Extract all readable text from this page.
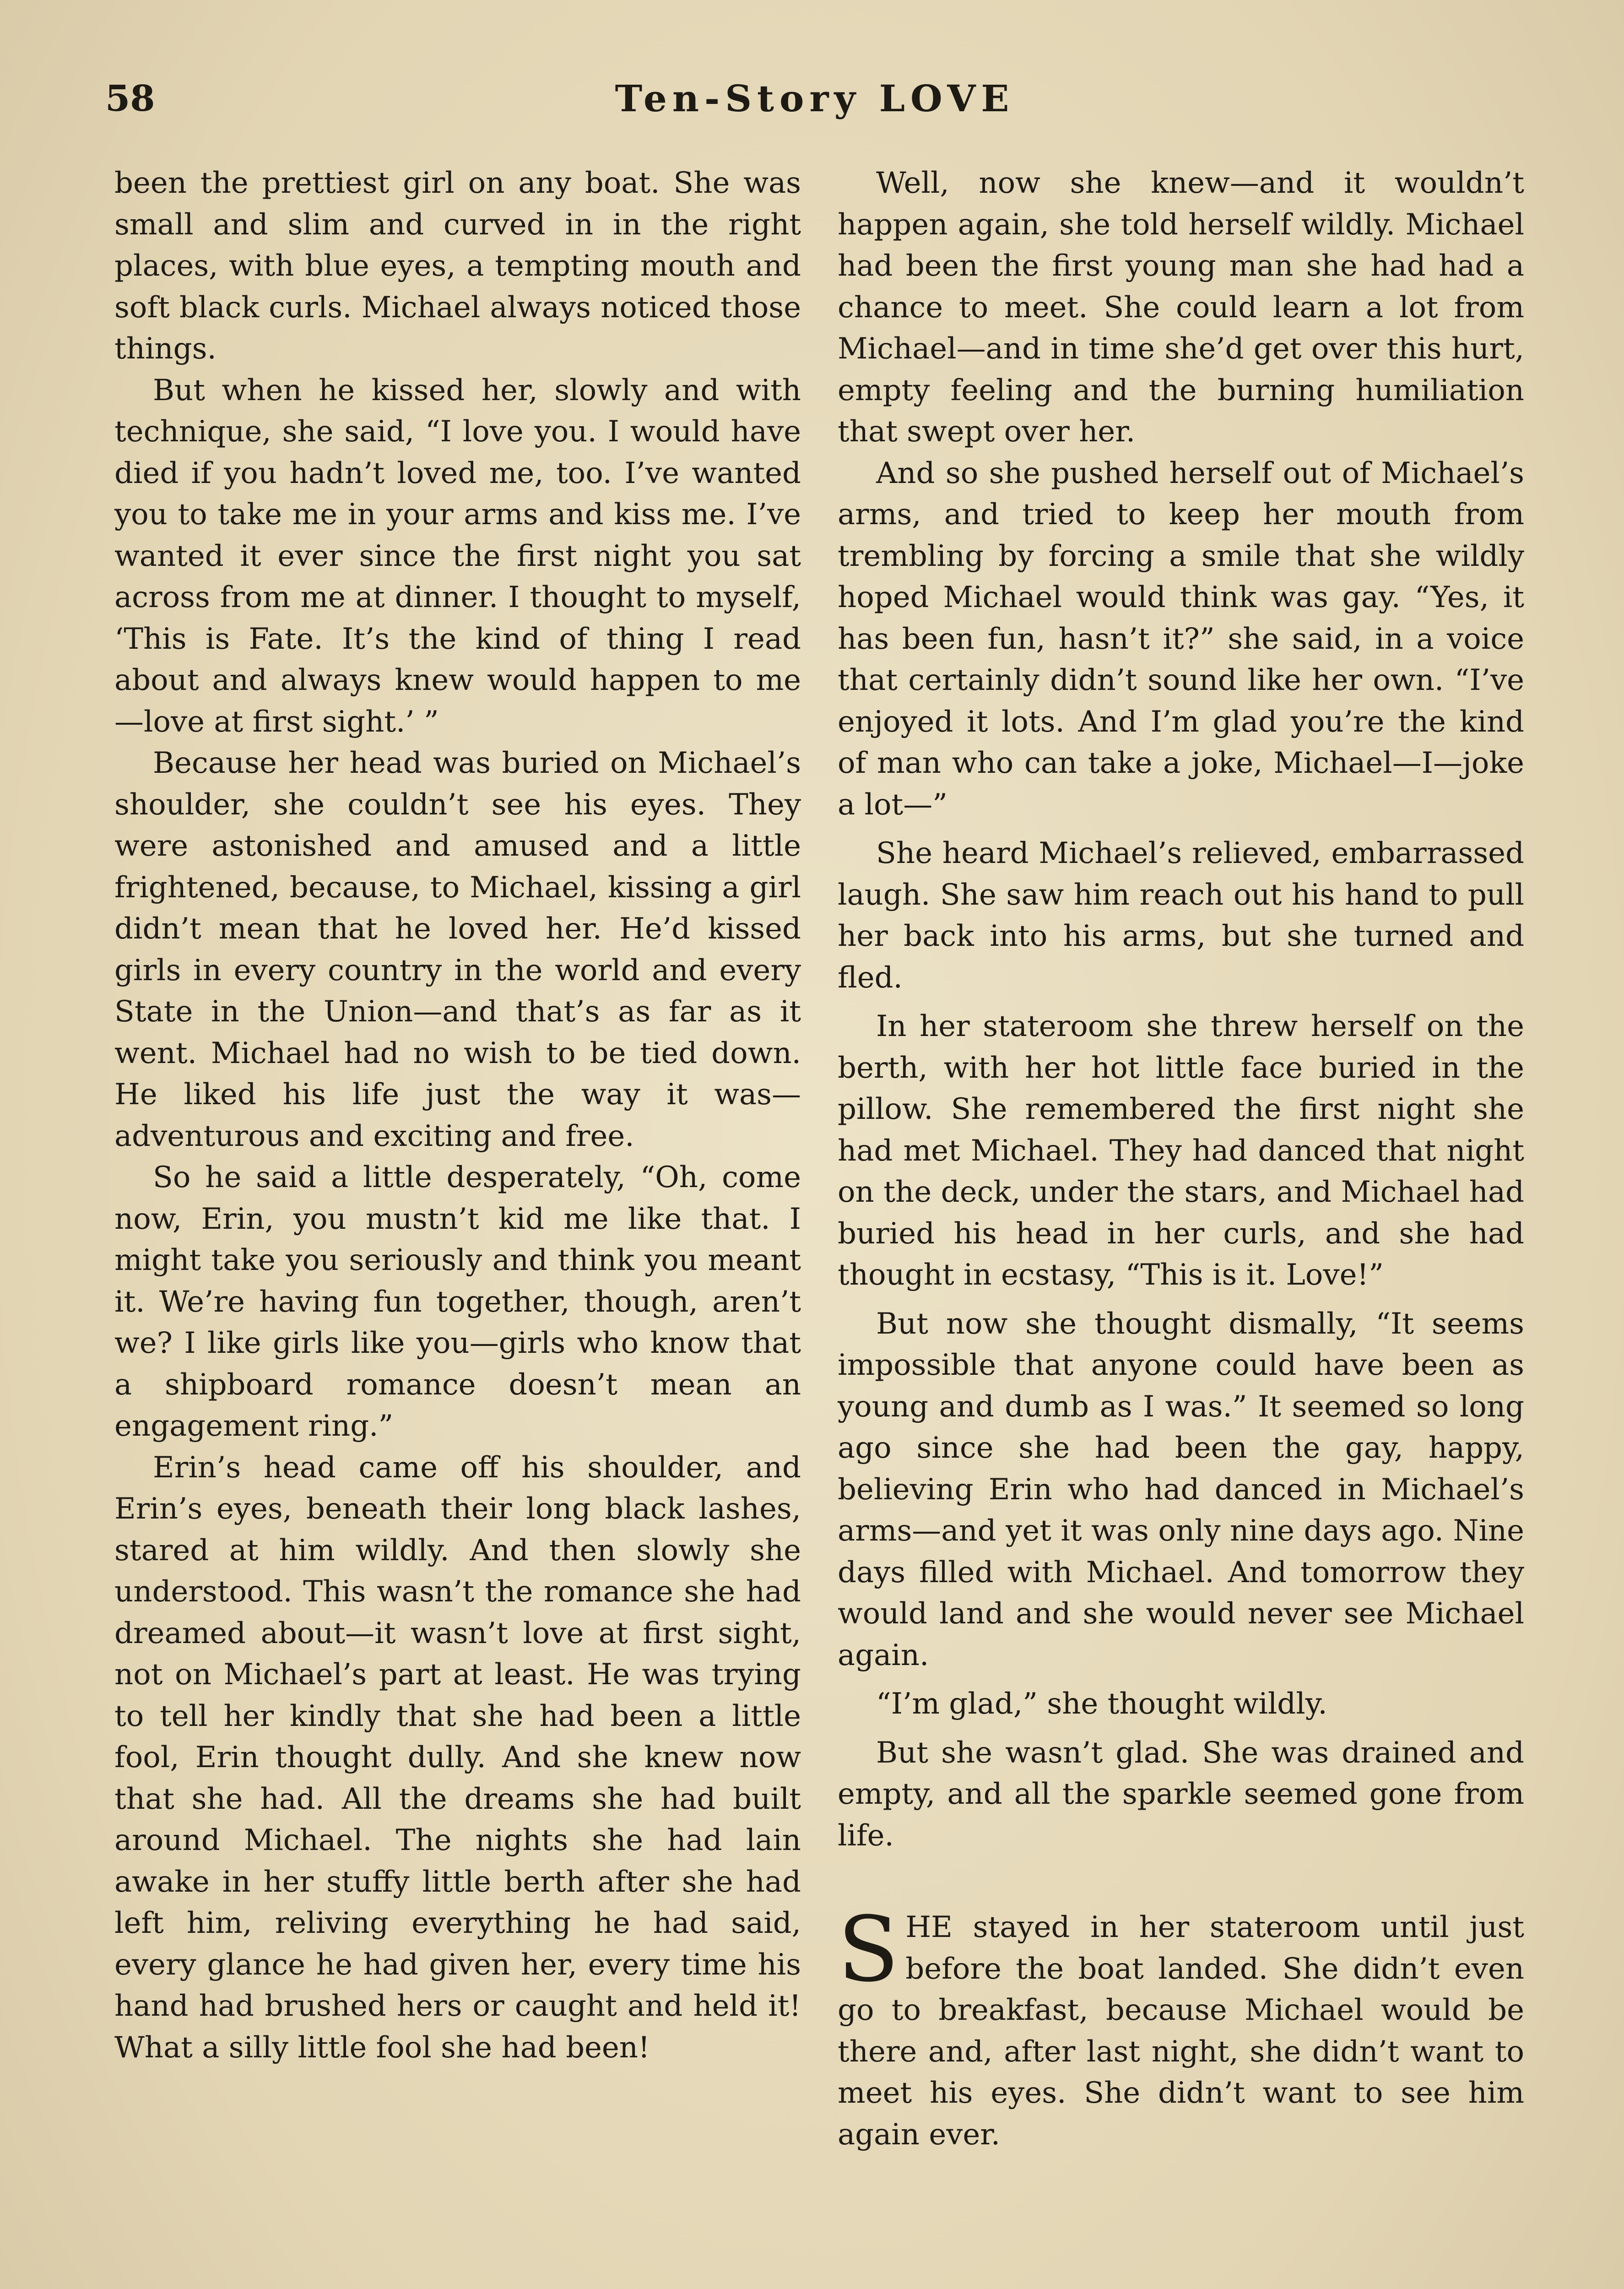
58	Ten-Story LOVE

been the prettiest girl on any boat. She was small and slim and curved in in the right places, with blue eyes, a tempting mouth and soft black curls. Michael always noticed those things.

But when he kissed her, slowly and with technique, she said, “I love you. I would have died if you hadn’t loved me, too. I’ve wanted you to take me in your arms and kiss me. I’ve wanted it ever since the first night you sat across from me at dinner. I thought to myself, ‘This is Fate. It’s the kind of thing I read about and always knew would happen to me—love at first sight.’ ”

Because her head was buried on Michael’s shoulder, she couldn’t see his eyes. They were astonished and amused and a little frightened, because, to Michael, kissing a girl didn’t mean that he loved her. He’d kissed girls in every country in the world and every State in the Union—and that’s as far as it went. Michael had no wish to be tied down. He liked his life just the way it was—adventurous and exciting and free.

So he said a little desperately, “Oh, come now, Erin, you mustn’t kid me like that. I might take you seriously and think you meant it. We’re having fun together, though, aren’t we? I like girls like you—girls who know that a shipboard romance doesn’t mean an engagement ring.”

Erin’s head came off his shoulder, and Erin’s eyes, beneath their long black lashes, stared at him wildly. And then slowly she understood. This wasn’t the romance she had dreamed about—it wasn’t love at first sight, not on Michael’s part at least. He was trying to tell her kindly that she had been a little fool, Erin thought dully. And she knew now that she had. All the dreams she had built around Michael. The nights she had lain awake in her stuffy little berth after she had left him, reliving everything he had said, every glance he had given her, every time his hand had brushed hers or caught and held it! What a silly little fool she had been!

Well, now she knew—and it wouldn’t happen again, she told herself wildly. Michael had been the first young man she had had a chance to meet. She could learn a lot from Michael—and in time she’d get over this hurt, empty feeling and the burning humiliation that swept over her.

And so she pushed herself out of Michael’s arms, and tried to keep her mouth from trembling by forcing a smile that she wildly hoped Michael would think was gay. “Yes, it has been fun, hasn’t it?” she said, in a voice that certainly didn’t sound like her own. “I’ve enjoyed it lots. And I’m glad you’re the kind of man who can take a joke, Michael—I—joke a lot—”

She heard Michael’s relieved, embarrassed laugh. She saw him reach out his hand to pull her back into his arms, but she turned and fled.

In her stateroom she threw herself on the berth, with her hot little face buried in the pillow. She remembered the first night she had met Michael. They had danced that night on the deck, under the stars, and Michael had buried his head in her curls, and she had thought in ecstasy, “This is it. Love!”

But now she thought dismally, “It seems impossible that anyone could have been as young and dumb as I was.” It seemed so long ago since she had been the gay, happy, believing Erin who had danced in Michael’s arms—and yet it was only nine days ago. Nine days filled with Michael. And tomorrow they would land and she would never see Michael again.

“I’m glad,” she thought wildly.

But she wasn’t glad. She was drained and empty, and all the sparkle seemed gone from life.

SHE stayed in her stateroom until just before the boat landed. She didn’t even go to breakfast, because Michael would be there and, after last night, she didn’t want to meet his eyes. She didn’t want to see him again ever.
